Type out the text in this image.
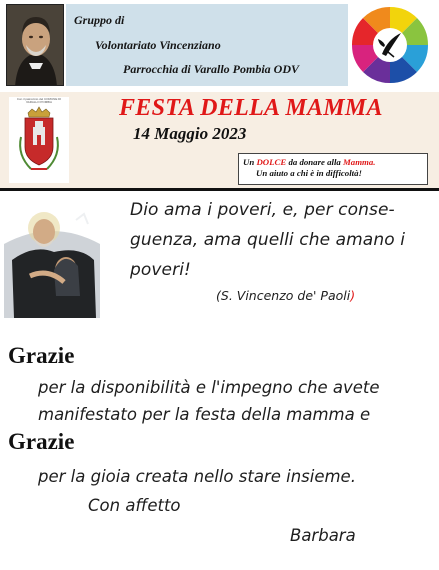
Gruppo di
Volontariato Vincenziano
Parrocchia di Varallo Pombia ODV
Con il patrocinio del COMUNE DI VARALLO POMBIA	FESTA DELLA MAMMA
14 Maggio 2023
Un DOLCE da donare alla Mamma.
Un aiuto a chi è in difficoltà!
Dio ama i poveri, e, per conse-
guenza, ama quelli che amano i
poveri!
(S. Vincenzo de' Paoli)
Grazie
per la disponibilità e l'impegno che avete
manifestato per la festa della mamma e
Grazie
per la gioia creata nello stare insieme.
Con affetto
Barbara
